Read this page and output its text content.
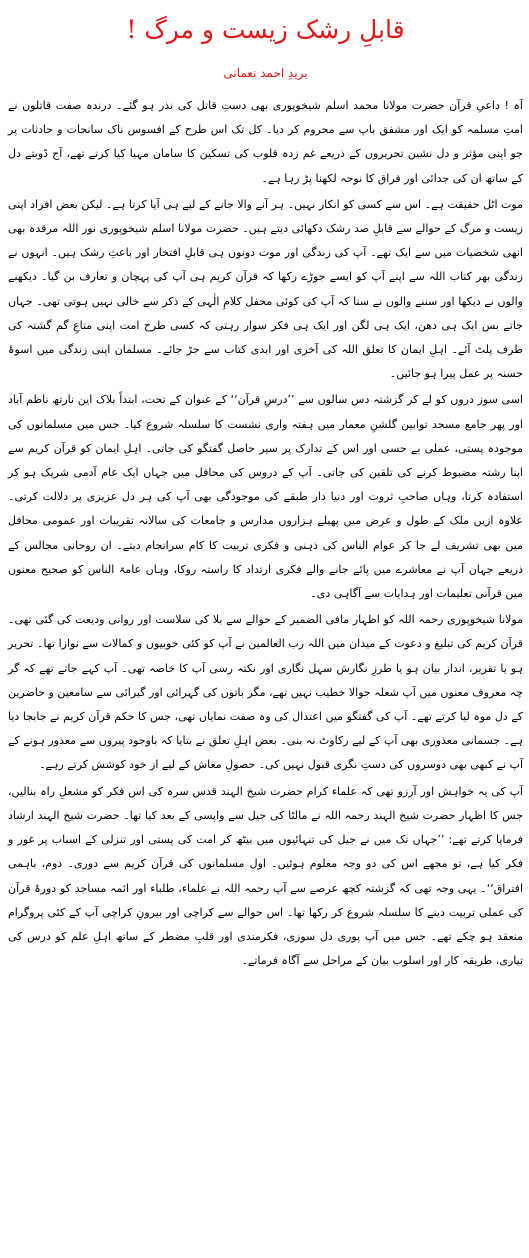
قابلِ رشک زیست و مرگ !
بریدِ احمد نعمانی

آہ ! داعیِ قرآن حضرت مولانا محمد اسلم شیخوپوری بھی دستِ قاتل کی نذر ہو گئے۔ درندہ صفت قاتلوں نے امتِ مسلمہ کو ایک اور مشفق باپ سے محروم کر دیا۔ کل تک اس طرح کے افسوس ناک سانحات و حادثات پر جو اپنی مؤثر و دل نشین تحریروں کے ذریعے غم زدہ قلوب کی تسکین کا سامان مہیا کیا کرتے تھے، آج ڈوبتے دل کے ساتھ ان کی جدائی اور فراق کا نوحہ لکھنا پڑ رہا ہے۔

موت اٹل حقیقت ہے۔ اس سے کسی کو انکار نہیں۔ ہر آنے والا جانے کے لیے ہی آیا کرتا ہے۔ لیکن بعض افراد اپنی زیست و مرگ کے حوالے سے قابلِ صد رشک دکھائی دیتے ہیں۔ حضرت مولانا اسلم شیخوپوری نور اللہ مرقدہ بھی انھی شخصیات میں سے ایک تھے۔ آپ کی زندگی اور موت دونوں ہی قابلِ افتخار اور باعثِ رشک ہیں۔ انہوں نے زندگی بھر کتاب اللہ سے اپنے آپ کو ایسے جوڑے رکھا کہ قرآن کریم ہی آپ کی پہچان و تعارف بن گیا۔ دیکھنے والوں نے دیکھا اور سننے والوں نے سنا کہ آپ کی کوئی محفل کلامِ الٰہی کے ذکر سے خالی نہیں ہوتی تھی۔ جہاں جاتے بس ایک ہی دھن، ایک ہی لگن اور ایک ہی فکر سوار رہتی کہ کسی طرح امت اپنی متاعِ گم گشتہ کی طرف پلٹ آئے۔ اہلِ ایمان کا تعلق اللہ کی آخری اور ابدی کتاب سے جڑ جائے۔ مسلمان اپنی زندگی میں اسوۂ حسنہ پر عمل پیرا ہو جائیں۔

اسی سوز دروں کو لے کر گزشتہ دس سالوں سے ’’درسِ قرآن‘‘ کے عنوان کے تحت، ابتداً بلاک این نارتھ ناظم آباد اور پھر جامع مسجد توابین گلشنِ معمار میں ہفتہ واری نشست کا سلسلہ شروع کیا۔ جس میں مسلمانوں کی موجودہ پستی، عملی بے حسی اور اس کے تدارک پر سیر حاصل گفتگو کی جاتی۔ اہلِ ایمان کو قرآن کریم سے اپنا رشتہ مضبوط کرنے کی تلقین کی جاتی۔ آپ کے دروس کی محافل میں جہاں ایک عام آدمی شریک ہو کر استفادہ کرتا، وہاں صاحبِ ثروت اور دنیا دار طبقے کی موجودگی بھی آپ کی ہر دل عزیزی پر دلالت کرتی۔ علاوہ ازیں ملک کے طول و عرض میں پھیلے ہزاروں مدارس و جامعات کی سالانہ تقریبات اور عمومی محافل میں بھی تشریف لے جا کر عوام الناس کی ذہنی و فکری تربیت کا کام سرانجام دیتے۔ ان روحانی مجالس کے ذریعے جہاں آپ نے معاشرے میں پائے جانے والے فکری ارتداد کا راستہ روکا، وہاں عامۃ الناس کو صحیح معنوں میں قرآنی تعلیمات اور ہدایات سے آگاہی دی۔

مولانا شیخوپوری رحمہ اللہ کو اظہار مافی الضمیر کے حوالے سے بلا کی سلاست اور روانی ودیعت کی گئی تھی۔ قرآن کریم کی تبلیغ و دعوت کے میدان میں اللہ رب العالمین نے آپ کو کئی خوبیوں و کمالات سے نوازا تھا۔ تحریر ہو یا تقریر، انداز بیان ہو یا طرزِ نگارش سہل نگاری اور نکتہ رسی آپ کا خاصہ تھی۔ آپ کہے جاتے تھے کہ گر چہ معروف معنوں میں آپ شعلہ جوالا خطیب نہیں تھے، مگر باتوں کی گہرائی اور گیرائی سے سامعین و حاضرین کے دل موہ لیا کرتے تھے۔ آپ کی گفتگو میں اعتدال کی وہ صفت نمایاں تھی، جس کا حکم قرآن کریم نے جابجا دیا ہے۔ جسمانی معذوری بھی آپ کے لیے رکاوٹ نہ بنی۔ بعض اہلِ تعلق نے بتایا کہ باوجود پیروں سے معذور ہونے کے آپ نے کبھی بھی دوسروں کی دستِ نگری قبول نہیں کی۔ حصولِ معاش کے لیے از خود کوشش کرتے رہے۔

آپ کی یہ خواہش اور آرزو تھی کہ علماء کرام حضرت شیخ الہند قدس سرہ کی اس فکر کو مشعلِ راہ بنالیں، جس کا اظہار حضرت شیخ الہند رحمہ اللہ نے مالٹا کی جیل سے واپسی کے بعد کیا تھا۔ حضرت شیخ الہند ارشاد فرمایا کرتے تھے: ’’جہاں تک میں نے جیل کی تنہائیوں میں بیٹھ کر امت کی پستی اور تنزلی کے اسباب پر غور و فکر کیا ہے، تو مجھے اس کی دو وجہ معلوم ہوئیں۔ اول مسلمانوں کی قرآن کریم سے دوری۔ دوم، باہمی افتراق‘‘۔ یہی وجہ تھی کہ گزشتہ کچھ عرصے سے آپ رحمہ اللہ نے علماء، طلباء اور ائمہ مساجد کو دورۂ قرآن کی عملی تربیت دینے کا سلسلہ شروع کر رکھا تھا۔ اس حوالے سے کراچی اور بیرونِ کراچی آپ کے کئی پروگرام منعقد ہو چکے تھے۔ جس میں آپ پوری دل سوزی، فکرمندی اور قلبِ مضطر کے ساتھ اہلِ علم کو درس کی تیاری، طریقہ کار اور اسلوب بیان کے مراحل سے آگاہ فرماتے۔
